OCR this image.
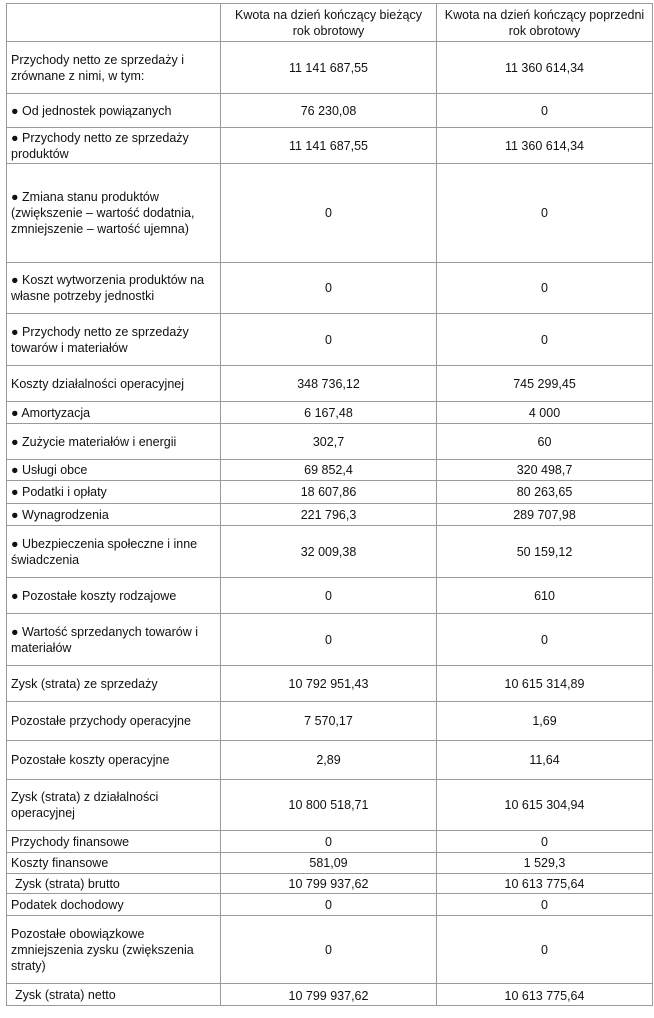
	Kwota na dzień kończący bieżący rok obrotowy	Kwota na dzień kończący poprzedni rok obrotowy
Przychody netto ze sprzedaży i zrównane z nimi, w tym:	11 141 687,55	11 360 614,34
● Od jednostek powiązanych	76 230,08	0
● Przychody netto ze sprzedaży produktów	11 141 687,55	11 360 614,34
● Zmiana stanu produktów (zwiększenie – wartość dodatnia, zmniejszenie – wartość ujemna)	0	0
● Koszt wytworzenia produktów na własne potrzeby jednostki	0	0
● Przychody netto ze sprzedaży towarów i materiałów	0	0
Koszty działalności operacyjnej	348 736,12	745 299,45
● Amortyzacja	6 167,48	4 000
● Zużycie materiałów i energii	302,7	60
● Usługi obce	69 852,4	320 498,7
● Podatki i opłaty	18 607,86	80 263,65
● Wynagrodzenia	221 796,3	289 707,98
● Ubezpieczenia społeczne i inne świadczenia	32 009,38	50 159,12
● Pozostałe koszty rodzajowe	0	610
● Wartość sprzedanych towarów i materiałów	0	0
Zysk (strata) ze sprzedaży	10 792 951,43	10 615 314,89
Pozostałe przychody operacyjne	7 570,17	1,69
Pozostałe koszty operacyjne	2,89	11,64
Zysk (strata) z działalności operacyjnej	10 800 518,71	10 615 304,94
Przychody finansowe	0	0
Koszty finansowe	581,09	1 529,3
Zysk (strata) brutto	10 799 937,62	10 613 775,64
Podatek dochodowy	0	0
Pozostałe obowiązkowe zmniejszenia zysku (zwiększenia straty)	0	0
Zysk (strata) netto	10 799 937,62	10 613 775,64
